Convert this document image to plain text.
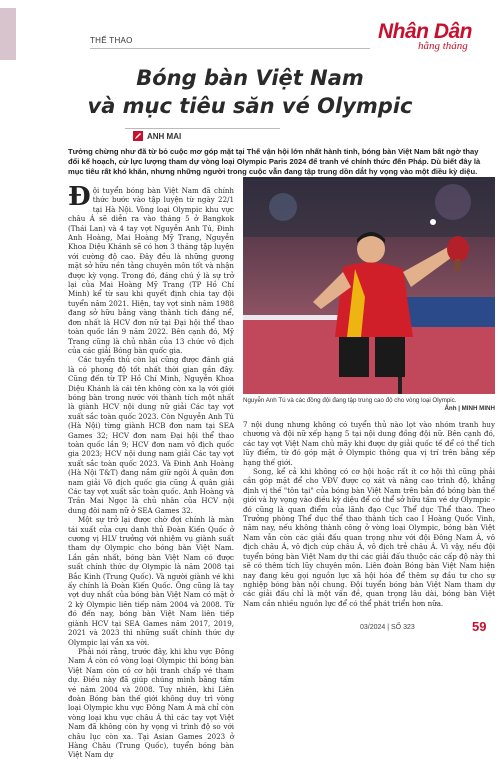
THỂ THAO	Nhân Dân
hằng tháng
Bóng bàn Việt Nam
và mục tiêu săn vé Olympic
ANH MAI
Tưởng chừng như đã từ bỏ cuộc mơ góp mặt tại Thế vận hội lớn nhất hành tinh, bóng bàn Việt Nam bất ngờ thay đổi kế hoạch, cử lực lượng tham dự vòng loại Olympic Paris 2024 để tranh vé chính thức đến Pháp. Dù biết đây là mục tiêu rất khó khăn, nhưng những người trong cuộc vẫn đang tập trung dồn dắt hy vọng vào một điều kỳ diệu.

Đội tuyển bóng bàn Việt Nam đã chính thức bước vào tập luyện từ ngày 22/1 tại Hà Nội. Vòng loại Olympic khu vực châu Á sẽ diễn ra vào tháng 5 ở Bangkok (Thái Lan) và 4 tay vợt Nguyễn Anh Tú, Đinh Anh Hoàng, Mai Hoàng Mỹ Trang, Nguyễn Khoa Diệu Khánh sẽ có hơn 3 tháng tập luyện với cường độ cao. Đây đều là những gương mặt sở hữu nền tảng chuyên môn tốt và nhận được kỳ vọng. Trong đó, đáng chú ý là sự trở lại của Mai Hoàng Mỹ Trang (TP Hồ Chí Minh) kể từ sau khi quyết định chia tay đội tuyển năm 2021. Hiện, tay vợt sinh năm 1988 đang sở hữu bảng vàng thành tích đáng nể, đơn nhất là HCV đơn nữ tại Đại hội thể thao toàn quốc lần 9 năm 2022. Bên cạnh đó, Mỹ Trang cũng là chủ nhân của 13 chức vô địch của các giải Bóng bàn quốc gia.

Các tuyển thủ còn lại cũng được đánh giá là có phong độ tốt nhất thời gian gần đây. Cũng đến từ TP Hồ Chí Minh, Nguyễn Khoa Diệu Khánh là cái tên không còn xa lạ với giới bóng bàn trong nước với thành tích một nhất là giành HCV nội dung nữ giải Các tay vợt xuất sắc toàn quốc 2023. Còn Nguyễn Anh Tú (Hà Nội) từng giành HCB đơn nam tại SEA Games 32; HCV đơn nam Đại hội thể thao toàn quốc lần 9; HCV đơn nam vô địch quốc gia 2023; HCV nội dung nam giải Các tay vợt xuất sắc toàn quốc 2023. Và Đinh Anh Hoàng (Hà Nội T&T) đang nắm giữ ngôi Á quân đơn nam giải Vô địch quốc gia cũng Á quân giải Các tay vợt xuất sắc toàn quốc. Anh Hoàng và Trần Mai Ngọc là chủ nhân của HCV nội dung đôi nam nữ ở SEA Games 32.

Một sự trở lại được chờ đợi chính là màn tái xuất của cựu danh thủ Đoàn Kiến Quốc ở cương vị HLV trưởng với nhiệm vụ giành suất tham dự Olympic cho bóng bàn Việt Nam. Lần gần nhất, bóng bàn Việt Nam có được suất chính thức dự Olympic là năm 2008 tại Bắc Kinh (Trung Quốc). Và người giành vé khi ấy chính là Đoàn Kiến Quốc. Ông cũng là tay vợt duy nhất của bóng bàn Việt Nam có mặt ở 2 kỳ Olympic liên tiếp năm 2004 và 2008. Từ đó đến nay, bóng bàn Việt Nam liên tiếp giành HCV tại SEA Games năm 2017, 2019, 2021 và 2023 thì những suất chính thức dự Olympic lại vắn xa vời.

Phải nói rằng, trước đây, khi khu vực Đông Nam Á còn có vòng loại Olympic thì bóng bàn Việt Nam còn có cơ hội tranh chấp vé tham dự. Điều này đã giúp chúng mình bằng tấm vé năm 2004 và 2008. Tuy nhiên, khi Liên đoàn Bóng bàn thế giới không duy trì vòng loại Olympic khu vực Đông Nam Á mà chỉ còn vòng loại khu vực châu Á thì các tay vợt Việt Nam đã không còn hy vọng vì trình độ so với châu lục còn xa. Tại Asian Games 2023 ở Hàng Châu (Trung Quốc), tuyển bóng bàn Việt Nam dự

Nguyễn Anh Tú và các đồng đội đang tập trung cao độ cho vòng loại Olympic.
Ảnh | MINH MINH

7 nội dung nhưng không có tuyển thủ nào lọt vào nhóm tranh huy chương và đội nữ xếp hạng 5 tại nội dung đồng đội nữ. Bên cạnh đó, các tay vợt Việt Nam chủ mãy khi được dự giải quốc tế để có thể tích lũy điểm, từ đó góp mặt ở Olympic thông qua vị trí trên bảng xếp hạng thế giới.

Song, kể cả khi không có cơ hội hoặc rất ít cơ hội thì cũng phải cần góp mặt để cho VĐV được cọ xát và nâng cao trình độ, khẳng định vị thế "tôn tại" của bóng bàn Việt Nam trên bản đồ bóng bàn thế giới và hy vọng vào điều kỳ diệu để có thể sở hữu tấm vé dự Olympic - đó cũng là quan điểm của lãnh đạo Cục Thể dục Thể thao. Theo Trưởng phòng Thể dục thể thao thành tích cao I Hoàng Quốc Vinh, năm nay, nếu không thành công ở vòng loại Olympic, bóng bàn Việt Nam vẫn còn các giải đấu quan trọng như với đội Đông Nam Á, vô địch châu Á, vô địch cúp châu Á, vô địch trẻ châu Á. Vì vậy, nếu đội tuyển bóng bàn Việt Nam dự thi các giải đấu thuộc các cấp độ này thì sẽ có thêm tích lũy chuyên môn. Liên đoàn Bóng bàn Việt Nam hiện nay đang kêu gọi nguồn lực xã hội hóa để thêm sự đầu tư cho sự nghiệp bóng bàn nội chung. Đội tuyển bóng bàn Việt Nam tham dự các giải đấu chỉ là một vấn đề, quan trọng lâu dài, bóng bàn Việt Nam cần nhiều nguồn lực để có thể phát triển hơn nữa.

03/2024 | SỐ 323	59
